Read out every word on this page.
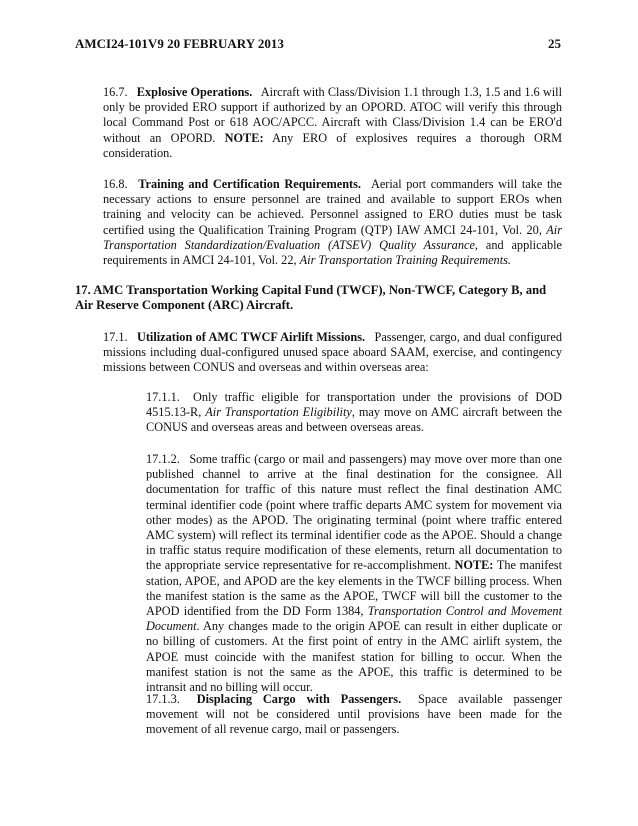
AMCI24-101V9 20 FEBRUARY 2013	25
16.7. Explosive Operations. Aircraft with Class/Division 1.1 through 1.3, 1.5 and 1.6 will only be provided ERO support if authorized by an OPORD. ATOC will verify this through local Command Post or 618 AOC/APCC. Aircraft with Class/Division 1.4 can be ERO'd without an OPORD. NOTE: Any ERO of explosives requires a thorough ORM consideration.
16.8. Training and Certification Requirements. Aerial port commanders will take the necessary actions to ensure personnel are trained and available to support EROs when training and velocity can be achieved. Personnel assigned to ERO duties must be task certified using the Qualification Training Program (QTP) IAW AMCI 24-101, Vol. 20, Air Transportation Standardization/Evaluation (ATSEV) Quality Assurance, and applicable requirements in AMCI 24-101, Vol. 22, Air Transportation Training Requirements.
17. AMC Transportation Working Capital Fund (TWCF), Non-TWCF, Category B, and Air Reserve Component (ARC) Aircraft.
17.1. Utilization of AMC TWCF Airlift Missions. Passenger, cargo, and dual configured missions including dual-configured unused space aboard SAAM, exercise, and contingency missions between CONUS and overseas and within overseas area:
17.1.1. Only traffic eligible for transportation under the provisions of DOD 4515.13-R, Air Transportation Eligibility, may move on AMC aircraft between the CONUS and overseas areas and between overseas areas.
17.1.2. Some traffic (cargo or mail and passengers) may move over more than one published channel to arrive at the final destination for the consignee. All documentation for traffic of this nature must reflect the final destination AMC terminal identifier code (point where traffic departs AMC system for movement via other modes) as the APOD. The originating terminal (point where traffic entered AMC system) will reflect its terminal identifier code as the APOE. Should a change in traffic status require modification of these elements, return all documentation to the appropriate service representative for re-accomplishment. NOTE: The manifest station, APOE, and APOD are the key elements in the TWCF billing process. When the manifest station is the same as the APOE, TWCF will bill the customer to the APOD identified from the DD Form 1384, Transportation Control and Movement Document. Any changes made to the origin APOE can result in either duplicate or no billing of customers. At the first point of entry in the AMC airlift system, the APOE must coincide with the manifest station for billing to occur. When the manifest station is not the same as the APOE, this traffic is determined to be intransit and no billing will occur.
17.1.3. Displacing Cargo with Passengers. Space available passenger movement will not be considered until provisions have been made for the movement of all revenue cargo, mail or passengers.
